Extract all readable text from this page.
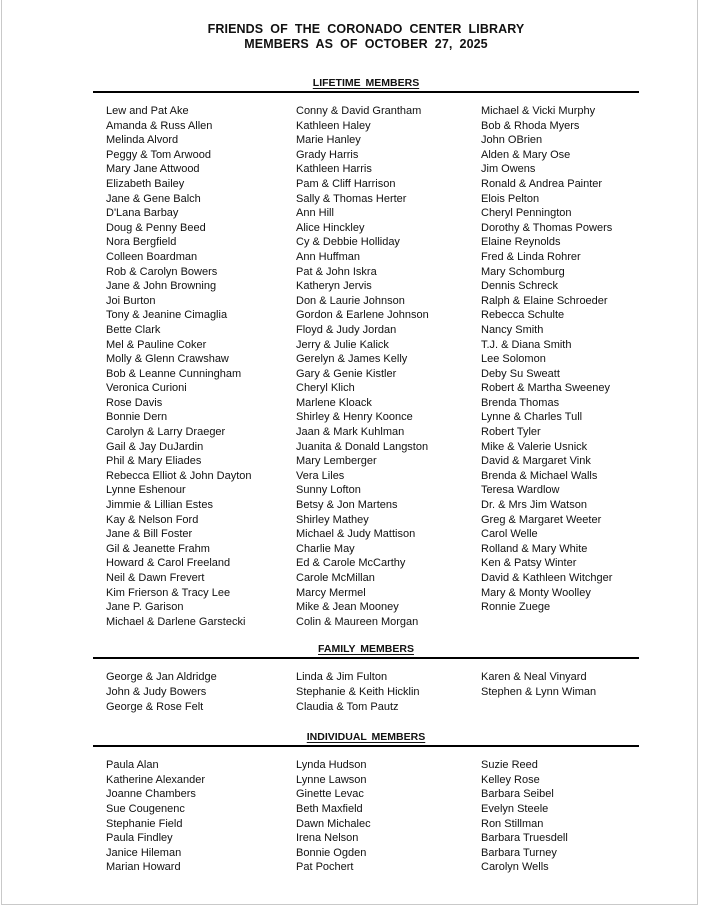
FRIENDS OF THE CORONADO CENTER LIBRARY
MEMBERS AS OF OCTOBER 27, 2025
LIFETIME MEMBERS
Lew and Pat Ake
Amanda & Russ Allen
Melinda Alvord
Peggy & Tom Arwood
Mary Jane Attwood
Elizabeth Bailey
Jane & Gene Balch
D'Lana Barbay
Doug & Penny Beed
Nora Bergfield
Colleen Boardman
Rob & Carolyn Bowers
Jane & John Browning
Joi Burton
Tony & Jeanine Cimaglia
Bette Clark
Mel & Pauline Coker
Molly & Glenn Crawshaw
Bob & Leanne Cunningham
Veronica Curioni
Rose Davis
Bonnie Dern
Carolyn & Larry Draeger
Gail & Jay DuJardin
Phil & Mary Eliades
Rebecca Elliot & John Dayton
Lynne Eshenour
Jimmie & Lillian Estes
Kay & Nelson Ford
Jane & Bill Foster
Gil & Jeanette Frahm
Howard & Carol Freeland
Neil & Dawn Frevert
Kim Frierson & Tracy Lee
Jane P. Garison
Michael & Darlene Garstecki
Conny & David Grantham
Kathleen Haley
Marie Hanley
Grady Harris
Kathleen Harris
Pam & Cliff Harrison
Sally & Thomas Herter
Ann Hill
Alice Hinckley
Cy & Debbie Holliday
Ann Huffman
Pat & John Iskra
Katheryn Jervis
Don & Laurie Johnson
Gordon & Earlene Johnson
Floyd & Judy Jordan
Jerry & Julie Kalick
Gerelyn & James Kelly
Gary & Genie Kistler
Cheryl Klich
Marlene Kloack
Shirley & Henry Koonce
Jaan & Mark Kuhlman
Juanita & Donald Langston
Mary Lemberger
Vera Liles
Sunny Lofton
Betsy & Jon Martens
Shirley Mathey
Michael & Judy Mattison
Charlie May
Ed & Carole McCarthy
Carole McMillan
Marcy Mermel
Mike & Jean Mooney
Colin & Maureen Morgan
Michael & Vicki Murphy
Bob & Rhoda Myers
John OBrien
Alden & Mary Ose
Jim Owens
Ronald & Andrea Painter
Elois Pelton
Cheryl Pennington
Dorothy & Thomas Powers
Elaine Reynolds
Fred & Linda Rohrer
Mary Schomburg
Dennis Schreck
Ralph & Elaine Schroeder
Rebecca Schulte
Nancy Smith
T.J. & Diana Smith
Lee Solomon
Deby Su Sweatt
Robert & Martha Sweeney
Brenda Thomas
Lynne & Charles Tull
Robert Tyler
Mike & Valerie Usnick
David & Margaret Vink
Brenda & Michael Walls
Teresa Wardlow
Dr. & Mrs Jim Watson
Greg & Margaret Weeter
Carol Welle
Rolland & Mary White
Ken & Patsy Winter
David & Kathleen Witchger
Mary & Monty Woolley
Ronnie Zuege
FAMILY MEMBERS
George & Jan Aldridge
John & Judy Bowers
George & Rose Felt
Linda & Jim Fulton
Stephanie & Keith Hicklin
Claudia & Tom Pautz
Karen & Neal Vinyard
Stephen & Lynn Wiman
INDIVIDUAL MEMBERS
Paula Alan
Katherine Alexander
Joanne Chambers
Sue Cougenenc
Stephanie Field
Paula Findley
Janice Hileman
Marian Howard
Lynda Hudson
Lynne Lawson
Ginette Levac
Beth Maxfield
Dawn Michalec
Irena Nelson
Bonnie Ogden
Pat Pochert
Suzie Reed
Kelley Rose
Barbara Seibel
Evelyn Steele
Ron Stillman
Barbara Truesdell
Barbara Turney
Carolyn Wells
